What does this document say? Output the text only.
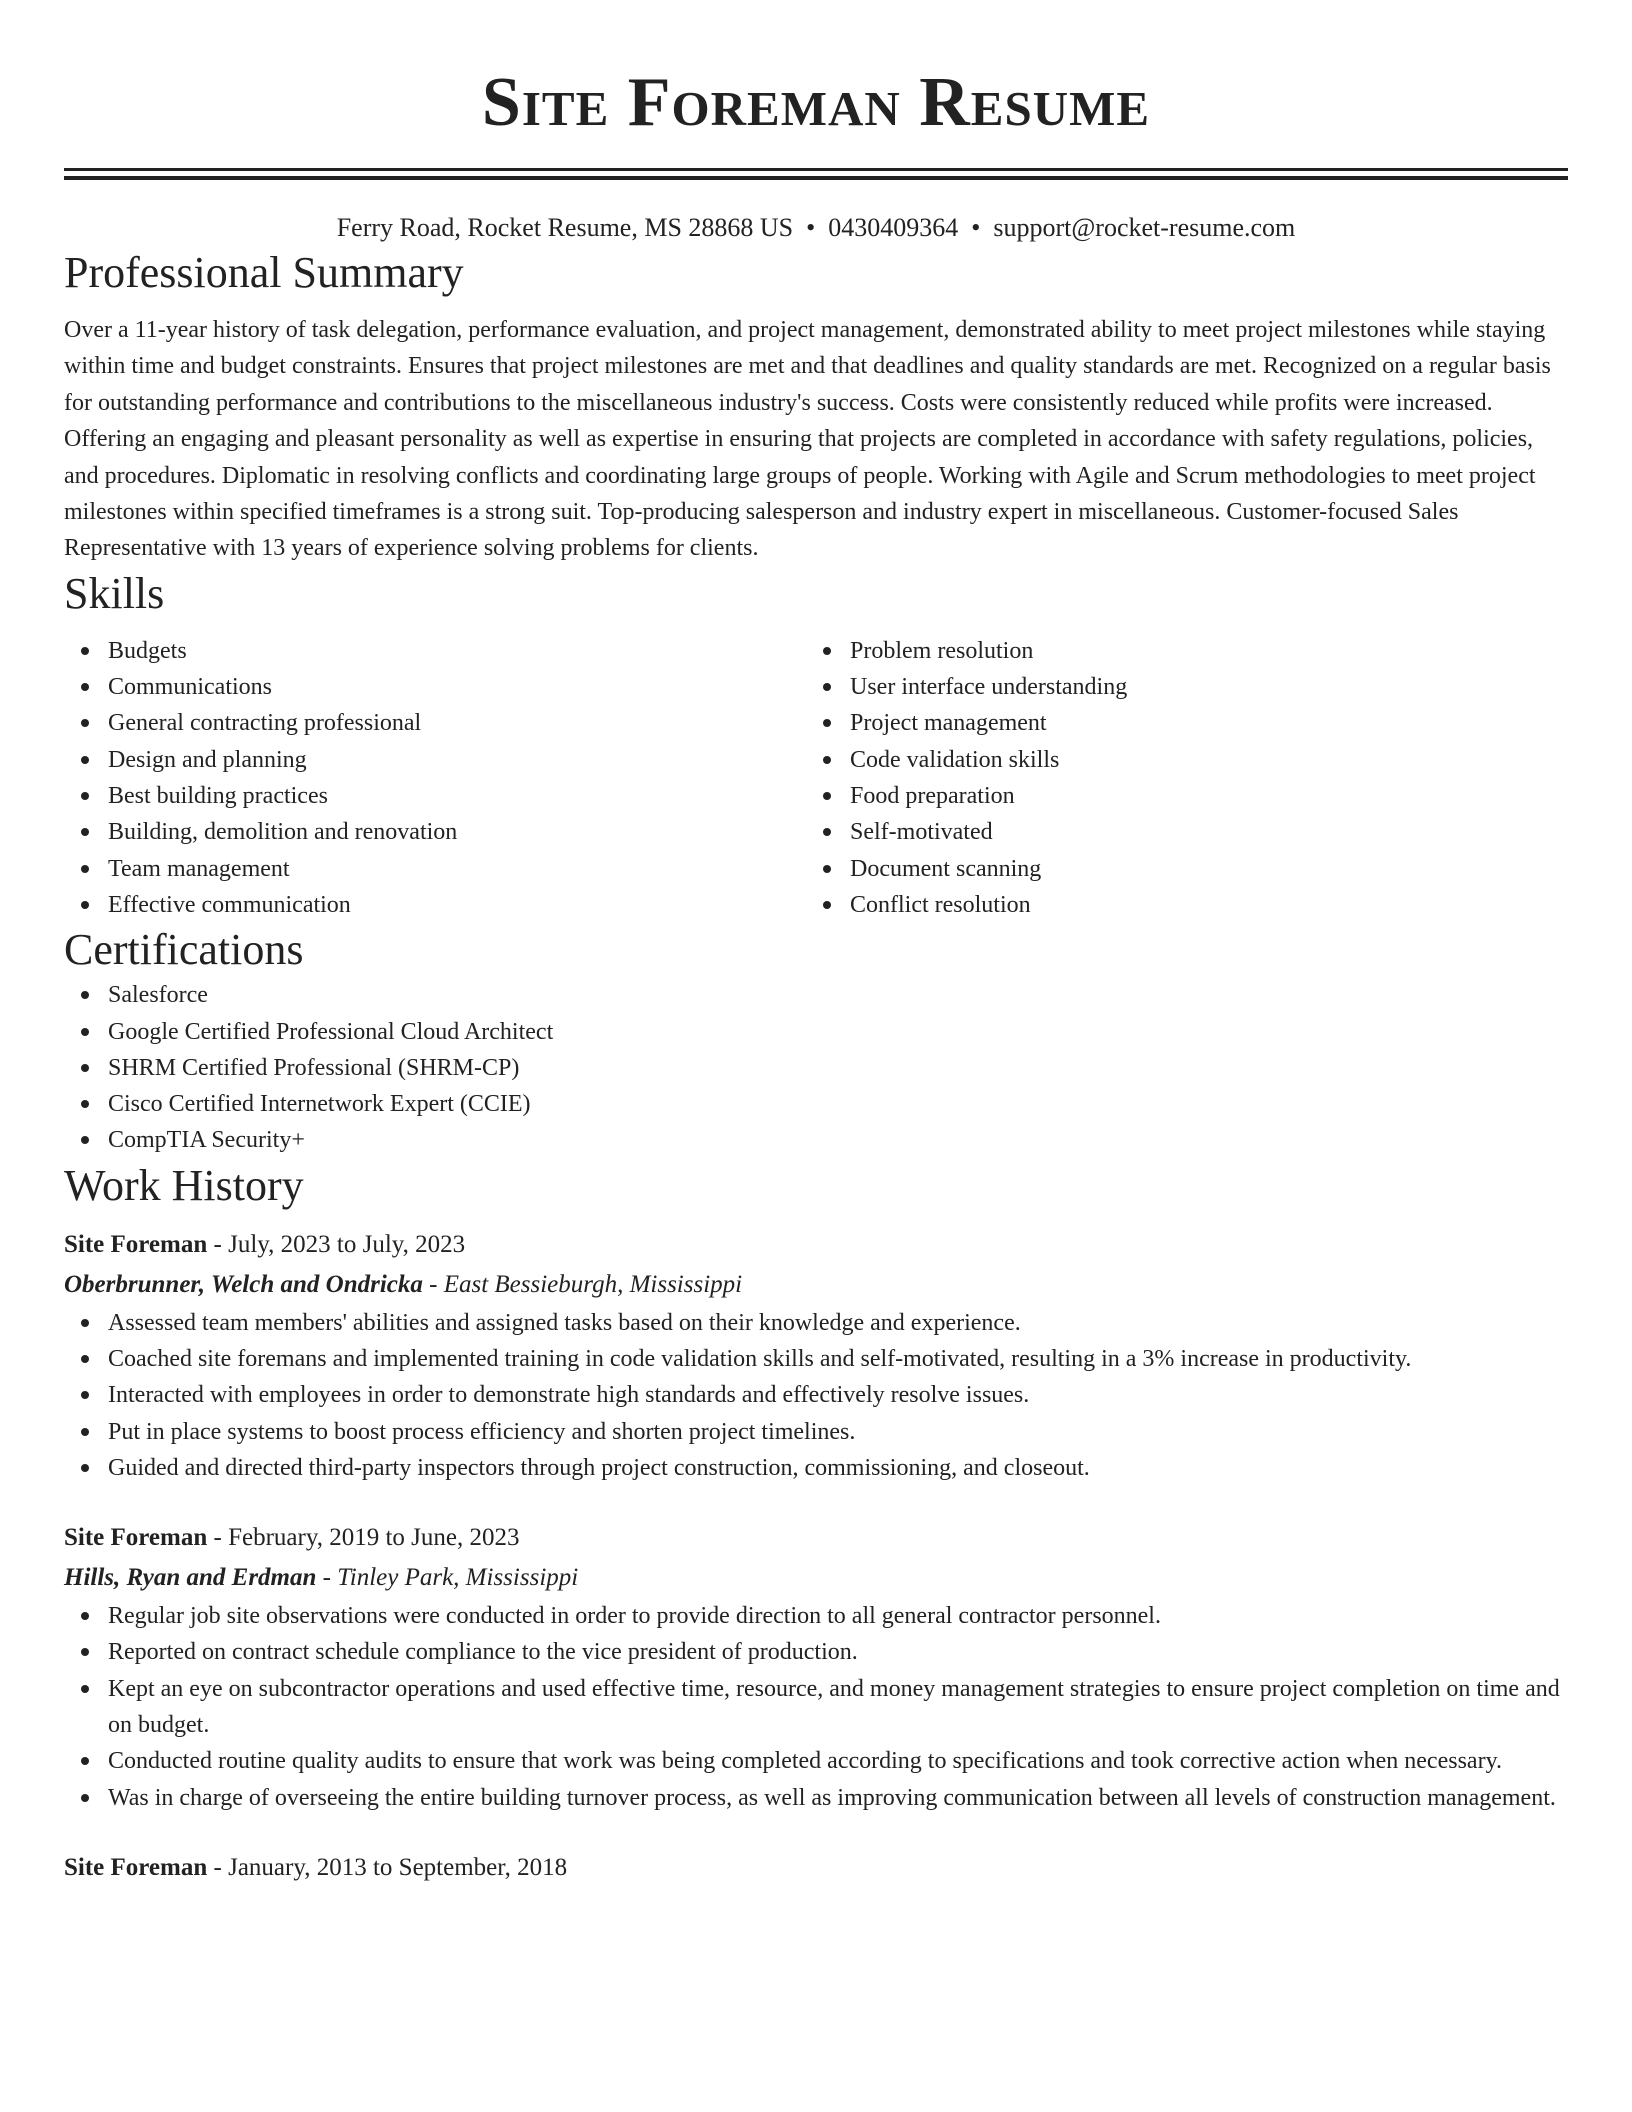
Site Foreman Resume
Ferry Road, Rocket Resume, MS 28868 US • 0430409364 • support@rocket-resume.com
Professional Summary

Over a 11-year history of task delegation, performance evaluation, and project management, demonstrated ability to meet project milestones while staying within time and budget constraints. Ensures that project milestones are met and that deadlines and quality standards are met. Recognized on a regular basis for outstanding performance and contributions to the miscellaneous industry's success. Costs were consistently reduced while profits were increased. Offering an engaging and pleasant personality as well as expertise in ensuring that projects are completed in accordance with safety regulations, policies, and procedures. Diplomatic in resolving conflicts and coordinating large groups of people. Working with Agile and Scrum methodologies to meet project milestones within specified timeframes is a strong suit. Top-producing salesperson and industry expert in miscellaneous. Customer-focused Sales Representative with 13 years of experience solving problems for clients.

Skills
Budgets
Communications
General contracting professional
Design and planning
Best building practices
Building, demolition and renovation
Team management
Effective communication
Problem resolution
User interface understanding
Project management
Code validation skills
Food preparation
Self-motivated
Document scanning
Conflict resolution
Certifications
Salesforce
Google Certified Professional Cloud Architect
SHRM Certified Professional (SHRM-CP)
Cisco Certified Internetwork Expert (CCIE)
CompTIA Security+
Work History
Site Foreman - July, 2023 to July, 2023
Oberbrunner, Welch and Ondricka - East Bessieburgh, Mississippi
Assessed team members' abilities and assigned tasks based on their knowledge and experience.
Coached site foremans and implemented training in code validation skills and self-motivated, resulting in a 3% increase in productivity.
Interacted with employees in order to demonstrate high standards and effectively resolve issues.
Put in place systems to boost process efficiency and shorten project timelines.
Guided and directed third-party inspectors through project construction, commissioning, and closeout.
Site Foreman - February, 2019 to June, 2023
Hills, Ryan and Erdman - Tinley Park, Mississippi
Regular job site observations were conducted in order to provide direction to all general contractor personnel.
Reported on contract schedule compliance to the vice president of production.
Kept an eye on subcontractor operations and used effective time, resource, and money management strategies to ensure project completion on time and on budget.
Conducted routine quality audits to ensure that work was being completed according to specifications and took corrective action when necessary.
Was in charge of overseeing the entire building turnover process, as well as improving communication between all levels of construction management.
Site Foreman - January, 2013 to September, 2018
